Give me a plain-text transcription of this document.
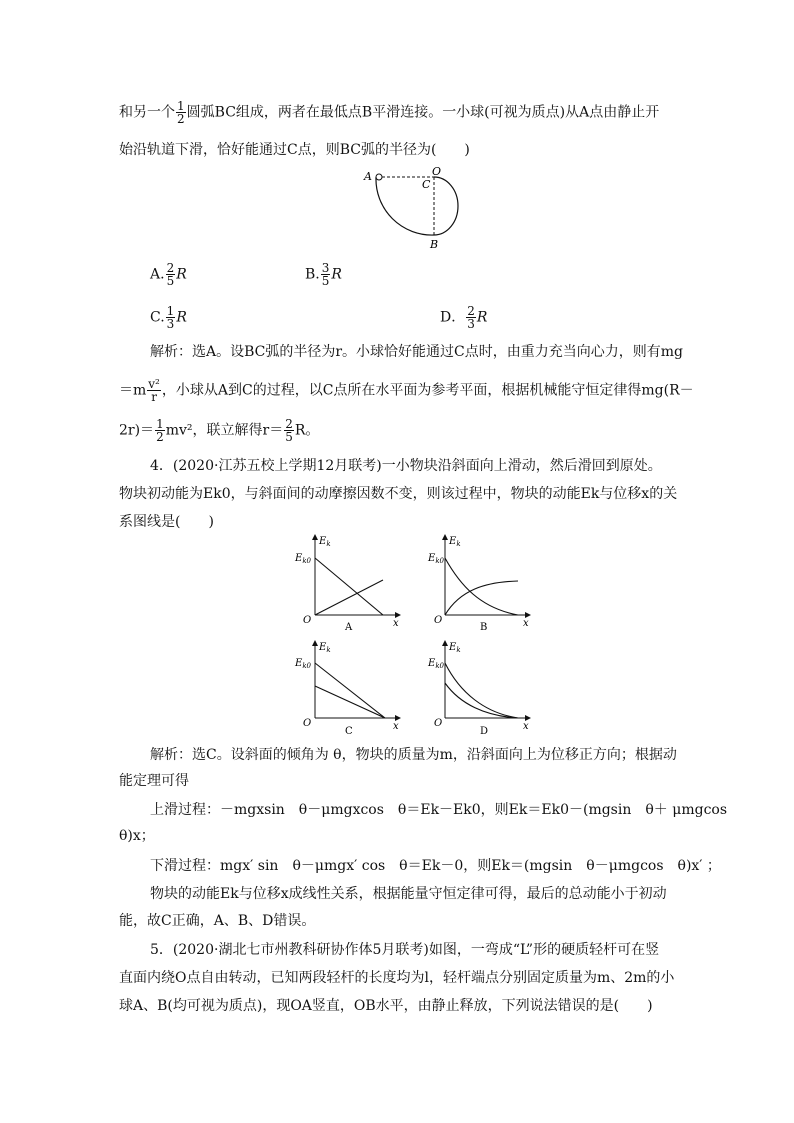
和另一个 $\frac{1}{2}$ 圆弧BC组成，两者在最低点B平滑连接。一小球(可视为质点)从A点由静止开
始沿轨道下滑，恰好能通过C点，则BC弧的半径为(　　)
A	O
C
B
A. $\frac{2}{5}$ R	B. $\frac{3}{5}$ R
C. $\frac{1}{3}$ R	D． $\frac{2}{3}$ R
解析：选A。设BC弧的半径为r。小球恰好能通过C点时，由重力充当向心力，则有mg
$=m \frac{\text{v²}}{r}$ ，小球从A到C的过程，以C点所在水平面为参考平面，根据机械能守恒定律得mg(R－
$2r)= \frac{1}{2} mv^2$，联立解得$r= \frac{2}{5}$ R。
4．(2020·江苏五校上学期12月联考)一小物块沿斜面向上滑动，然后滑回到原处。
物块初动能为Ek0，与斜面间的动摩擦因数不变，则该过程中，物块的动能Ek与位移x的关
系图线是(　　)
$E_k$
$E_{k0}$
O	x
A
$E_k$
$E_{k0}$
O	x
B
$E_k$
$E_{k0}$
O	x
C
$E_k$
$E_{k0}$
O	x
D
解析：选C。设斜面的倾角为 θ，物块的质量为m，沿斜面向上为位移正方向；根据动
能定理可得
上滑过程：－mgxsin　θ－μmgxcos　θ＝Ek－Ek0，则Ek＝Ek0－(mgsin　θ＋ μmgcos
θ)x；
下滑过程：mgx′ sin　θ－μmgx′ cos　θ＝Ek－0，则Ek＝(mgsin　θ－μmgcos　θ)x′ ；
物块的动能Ek与位移x成线性关系，根据能量守恒定律可得，最后的总动能小于初动
能，故C正确，A、B、D错误。
5．(2020·湖北七市州教科研协作体5月联考)如图，一弯成“L”形的硬质轻杆可在竖
直面内绕O点自由转动，已知两段轻杆的长度均为l，轻杆端点分别固定质量为m、2m的小
球A、B(均可视为质点)，现OA竖直，OB水平，由静止释放，下列说法错误的是(　　)
